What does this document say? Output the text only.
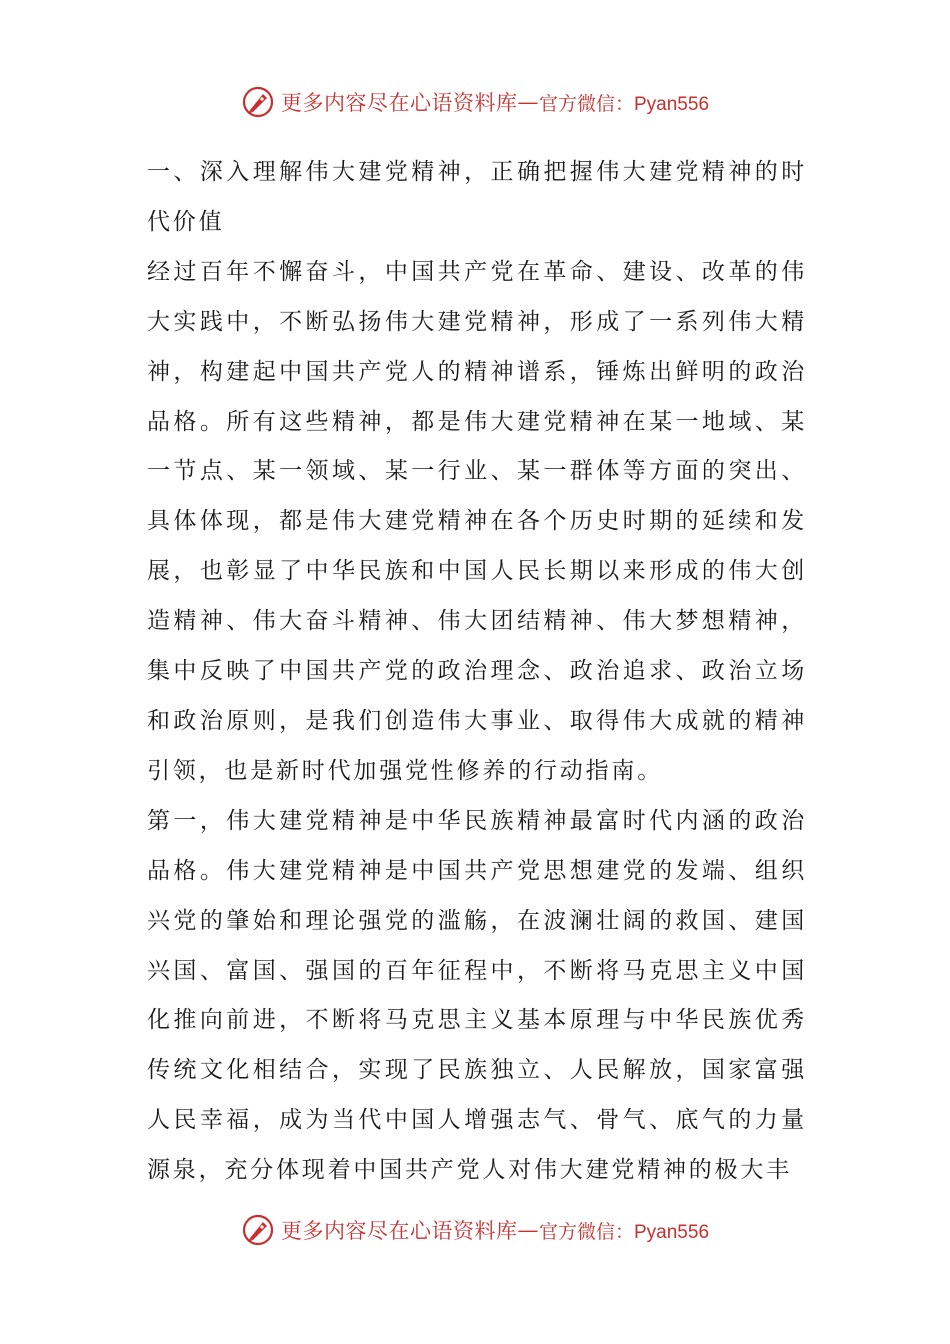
更多内容尽在心语资料库 — 官方微信：Pyan556

一、深入理解伟大建党精神，正确把握伟大建党精神的时代价值

经过百年不懈奋斗，中国共产党在革命、建设、改革的伟大实践中，不断弘扬伟大建党精神，形成了一系列伟大精神，构建起中国共产党人的精神谱系，锤炼出鲜明的政治品格。所有这些精神，都是伟大建党精神在某一地域、某一节点、某一领域、某一行业、某一群体等方面的突出、具体体现，都是伟大建党精神在各个历史时期的延续和发展，也彰显了中华民族和中国人民长期以来形成的伟大创造精神、伟大奋斗精神、伟大团结精神、伟大梦想精神，集中反映了中国共产党的政治理念、政治追求、政治立场和政治原则，是我们创造伟大事业、取得伟大成就的精神引领，也是新时代加强党性修养的行动指南。

第一，伟大建党精神是中华民族精神最富时代内涵的政治品格。伟大建党精神是中国共产党思想建党的发端、组织兴党的肇始和理论强党的滥觞，在波澜壮阔的救国、建国兴国、富国、强国的百年征程中，不断将马克思主义中国化推向前进，不断将马克思主义基本原理与中华民族优秀传统文化相结合，实现了民族独立、人民解放，国家富强人民幸福，成为当代中国人增强志气、骨气、底气的力量源泉，充分体现着中国共产党人对伟大建党精神的极大丰

更多内容尽在心语资料库 — 官方微信：Pyan556
